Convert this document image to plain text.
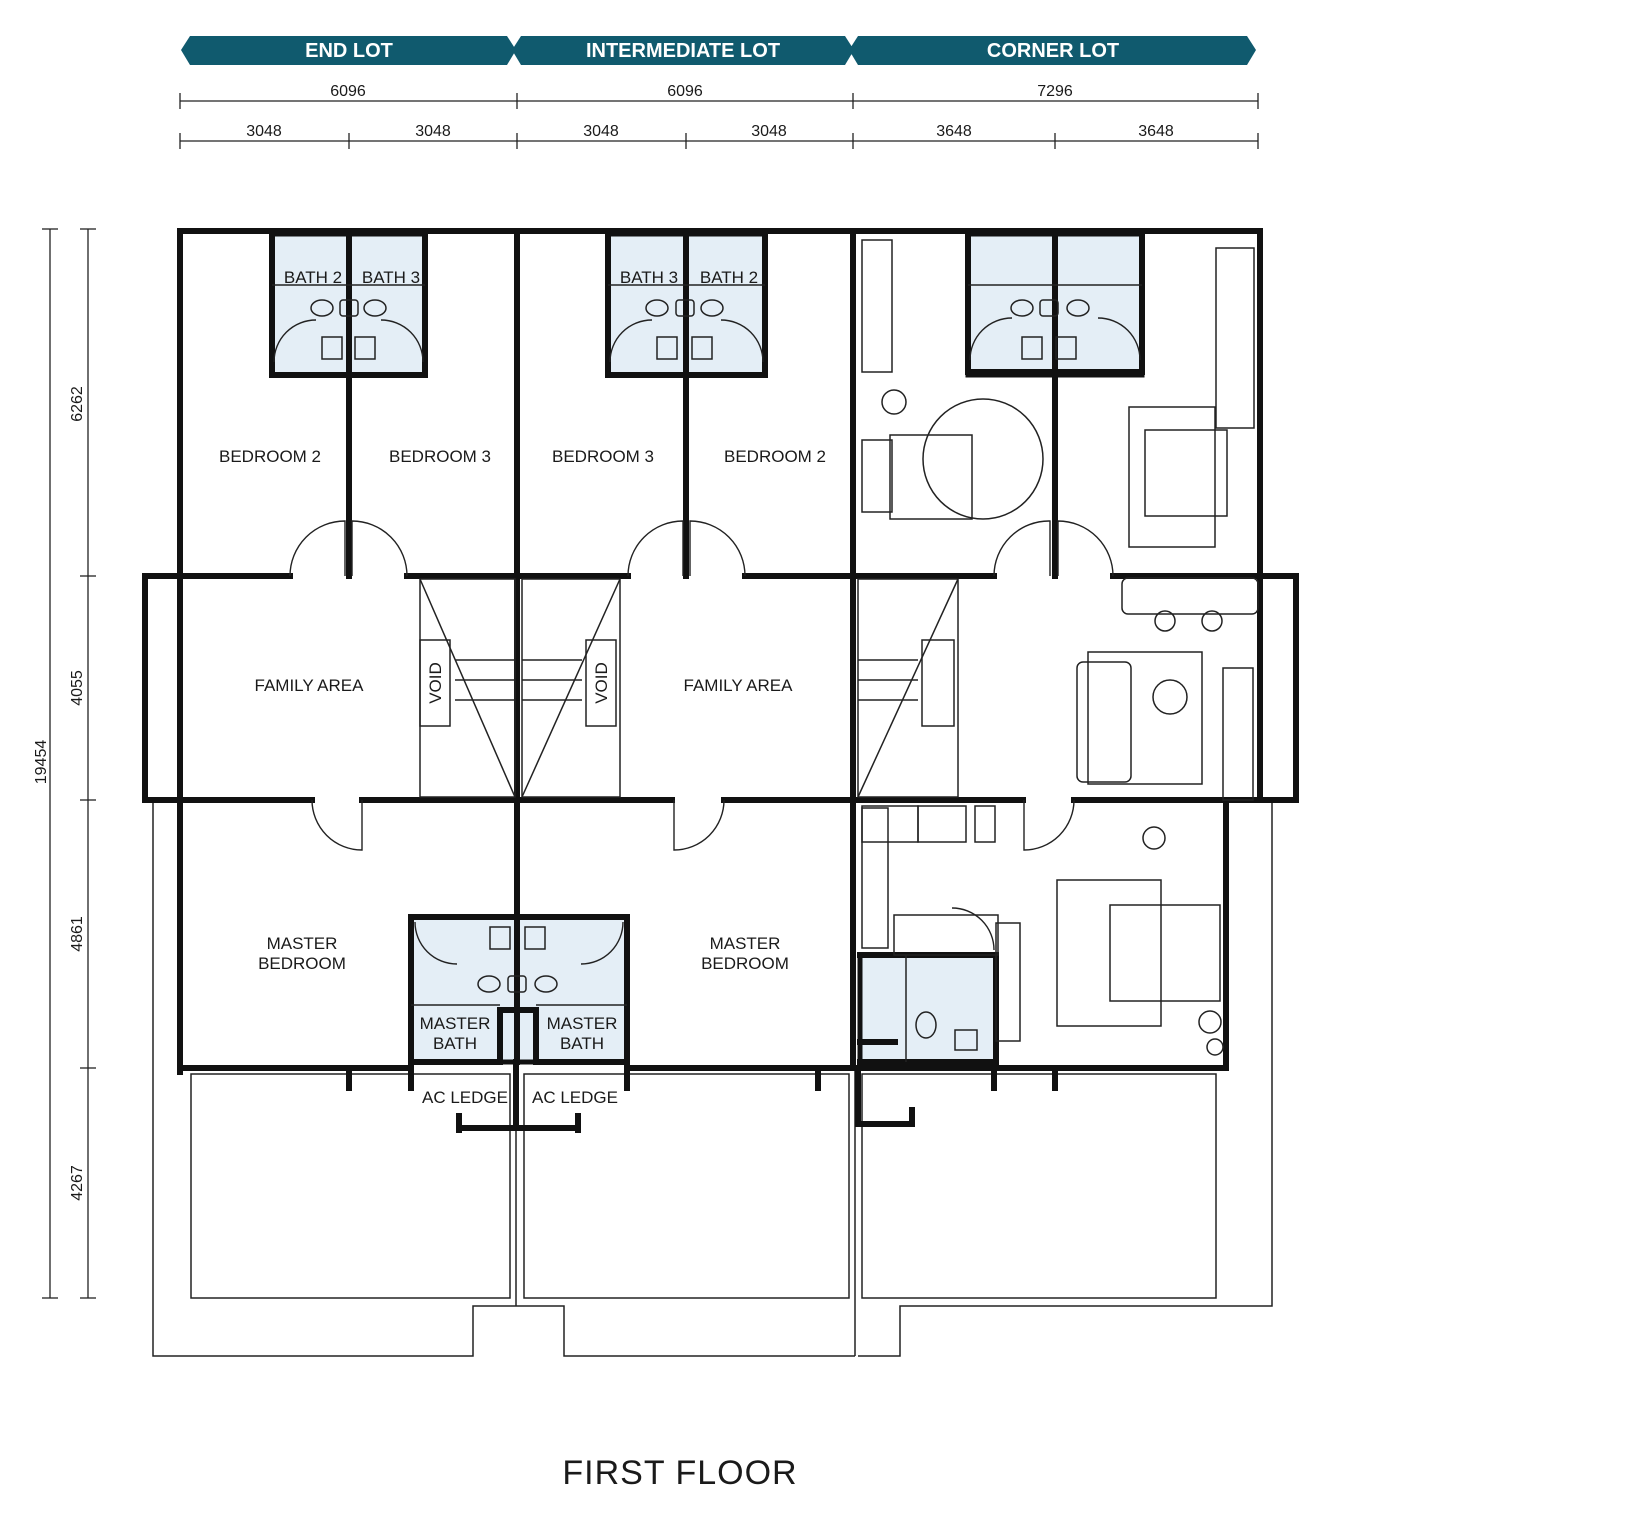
END LOT	INTERMEDIATE LOT	CORNER LOT
6096	6096	7296
3048	3048	3048	3048	3648	3648
19454
6262
4055
4861
4267
VOID	VOID
BATH 2 BATH 3	BATH 3 BATH 2
BEDROOM 2	BEDROOM 3	BEDROOM 3	BEDROOM 2
FAMILY AREA	FAMILY AREA
MASTER
BEDROOM
MASTER
BEDROOM
MASTER
BATH
MASTER
BATH
AC LEDGE AC LEDGE
FIRST FLOOR
